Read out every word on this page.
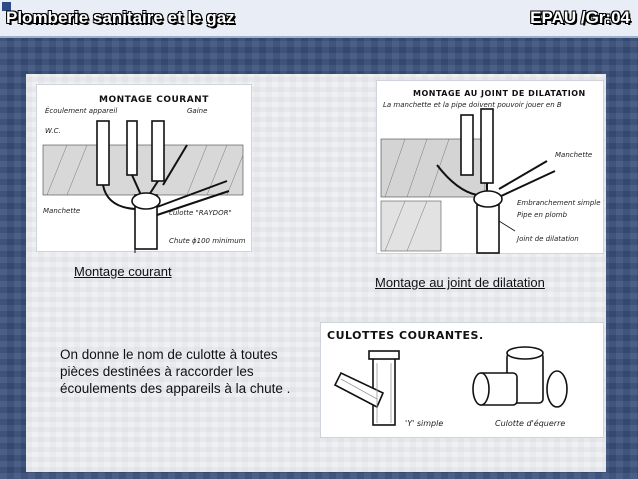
Plomberie sanitaire et le gaz	EPAU /Gr:04
MONTAGE COURANT
Écoulement appareil	Gaine
W.C.
Manchette	culotte "RAYDOR"
Chute ϕ100 minimum
MONTAGE AU JOINT DE DILATATION
La manchette et la pipe doivent pouvoir jouer en B
Manchette
Embranchement simple
Pipe en plomb
Joint de dilatation
Montage courant
Montage au joint de dilatation
On donne le nom de culotte à toutes pièces destinées à raccorder les écoulements des appareils à la chute .
CULOTTES COURANTES.
'Y' simple	Culotte d'équerre
